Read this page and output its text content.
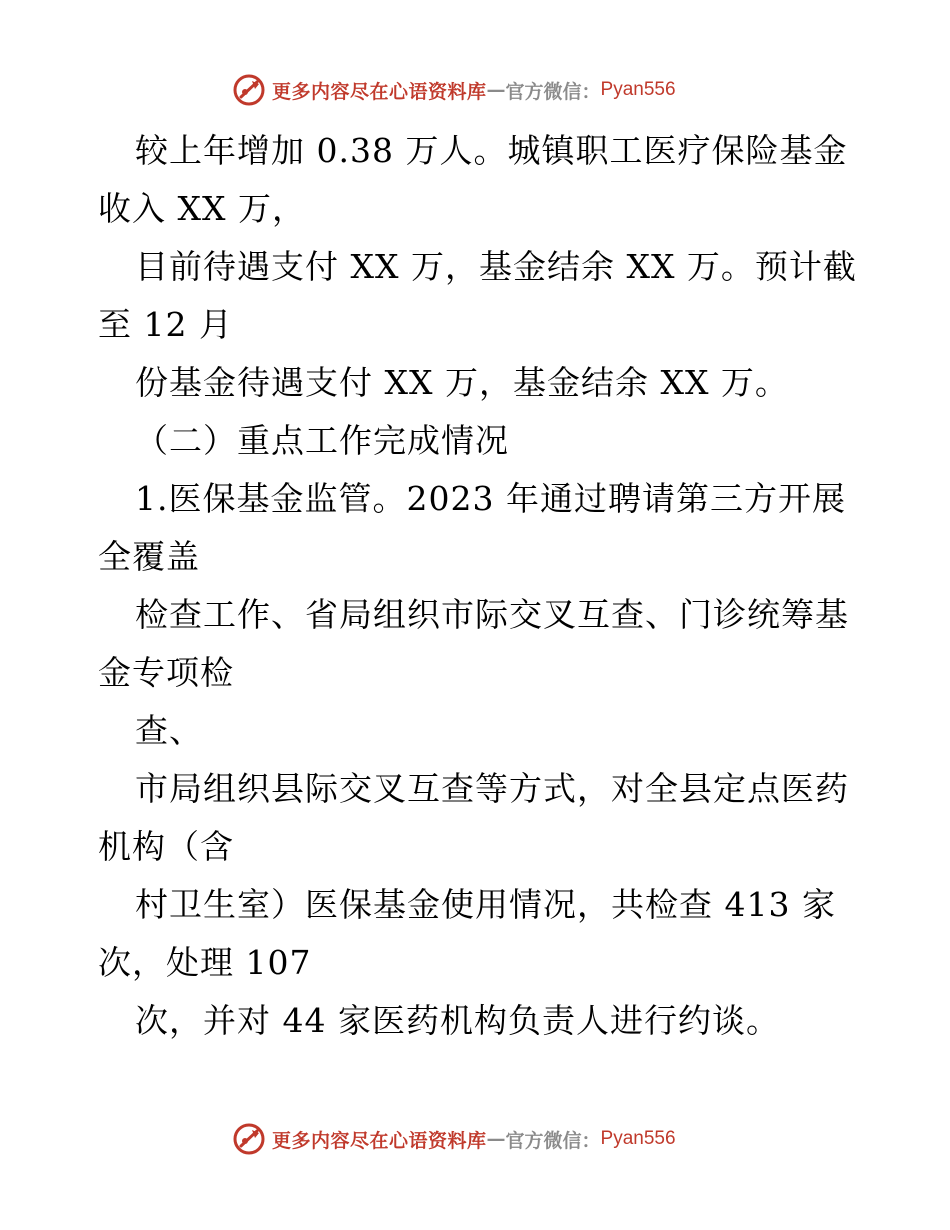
更多内容尽在心语资料库 — 官方微信： Pyan556
较上年增加 0.38 万人。城镇职工医疗保险基金
收入 XX 万，
目前待遇支付 XX 万，基金结余 XX 万。预计截
至 12 月
份基金待遇支付 XX 万，基金结余 XX 万。
（二）重点工作完成情况
1.医保基金监管。2023 年通过聘请第三方开展
全覆盖
检查工作、省局组织市际交叉互查、门诊统筹基
金专项检
查、
市局组织县际交叉互查等方式，对全县定点医药
机构（含
村卫生室）医保基金使用情况，共检查 413 家
次，处理 107
次，并对 44 家医药机构负责人进行约谈。
更多内容尽在心语资料库 — 官方微信： Pyan556
